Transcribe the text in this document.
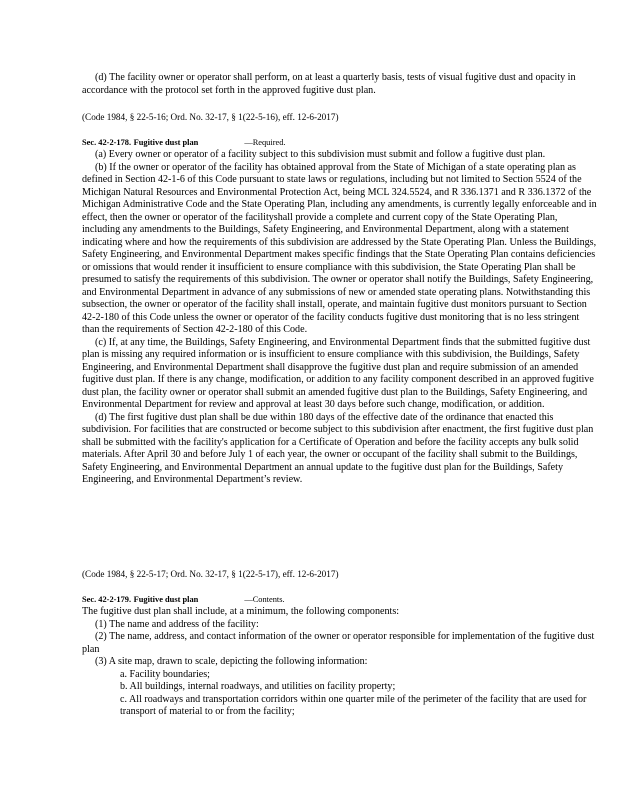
(d) The facility owner or operator shall perform, on at least a quarterly basis, tests of visual fugitive dust and opacity in accordance with the protocol set forth in the approved fugitive dust plan.

(Code 1984, § 22-5-16; Ord. No. 32-17, § 1(22-5-16), eff. 12-6-2017)

Sec. 42-2-178. Fugitive dust plan	—Required.

(a) Every owner or operator of a facility subject to this subdivision must submit and follow a fugitive dust plan.

(b) If the owner or operator of the facility has obtained approval from the State of Michigan of a state operating plan as defined in Section 42-1-6 of this Code pursuant to state laws or regulations, including but not limited to Section 5524 of the Michigan Natural Resources and Environmental Protection Act, being MCL 324.5524, and R 336.1371 and R 336.1372 of the Michigan Administrative Code and the State Operating Plan, including any amendments, is currently legally enforceable and in effect, then the owner or operator of the facilityshall provide a complete and current copy of the State Operating Plan, including any amendments to the Buildings, Safety Engineering, and Environmental Department, along with a statement indicating where and how the requirements of this subdivision are addressed by the State Operating Plan. Unless the Buildings, Safety Engineering, and Environmental Department makes specific findings that the State Operating Plan contains deficiencies or omissions that would render it insufficient to ensure compliance with this subdivision, the State Operating Plan shall be presumed to satisfy the requirements of this subdivision. The owner or operator shall notify the Buildings, Safety Engineering, and Environmental Department in advance of any submissions of new or amended state operating plans. Notwithstanding this subsection, the owner or operator of the facility shall install, operate, and maintain fugitive dust monitors pursuant to Section 42-2-180 of this Code unless the owner or operator of the facility conducts fugitive dust monitoring that is no less stringent than the requirements of Section 42-2-180 of this Code.

(c) If, at any time, the Buildings, Safety Engineering, and Environmental Department finds that the submitted fugitive dust plan is missing any required information or is insufficient to ensure compliance with this subdivision, the Buildings, Safety Engineering, and Environmental Department shall disapprove the fugitive dust plan and require submission of an amended fugitive dust plan. If there is any change, modification, or addition to any facility component described in an approved fugitive dust plan, the facility owner or operator shall submit an amended fugitive dust plan to the Buildings, Safety Engineering, and Environmental Department for review and approval at least 30 days before such change, modification, or addition.

(d) The first fugitive dust plan shall be due within 180 days of the effective date of the ordinance that enacted this subdivision. For facilities that are constructed or become subject to this subdivision after enactment, the first fugitive dust plan shall be submitted with the facility's application for a Certificate of Operation and before the facility accepts any bulk solid materials. After April 30 and before July 1 of each year, the owner or occupant of the facility shall submit to the Buildings, Safety Engineering, and Environmental Department an annual update to the fugitive dust plan for the Buildings, Safety Engineering, and Environmental Department’s review.

(Code 1984, § 22-5-17; Ord. No. 32-17, § 1(22-5-17), eff. 12-6-2017)

Sec. 42-2-179. Fugitive dust plan	—Contents.

The fugitive dust plan shall include, at a minimum, the following components:

(1) The name and address of the facility:

(2) The name, address, and contact information of the owner or operator responsible for implementation of the fugitive dust plan

(3) A site map, drawn to scale, depicting the following information:

a. Facility boundaries;

b. All buildings, internal roadways, and utilities on facility property;

c. All roadways and transportation corridors within one quarter mile of the perimeter of the facility that are used for transport of material to or from the facility;
